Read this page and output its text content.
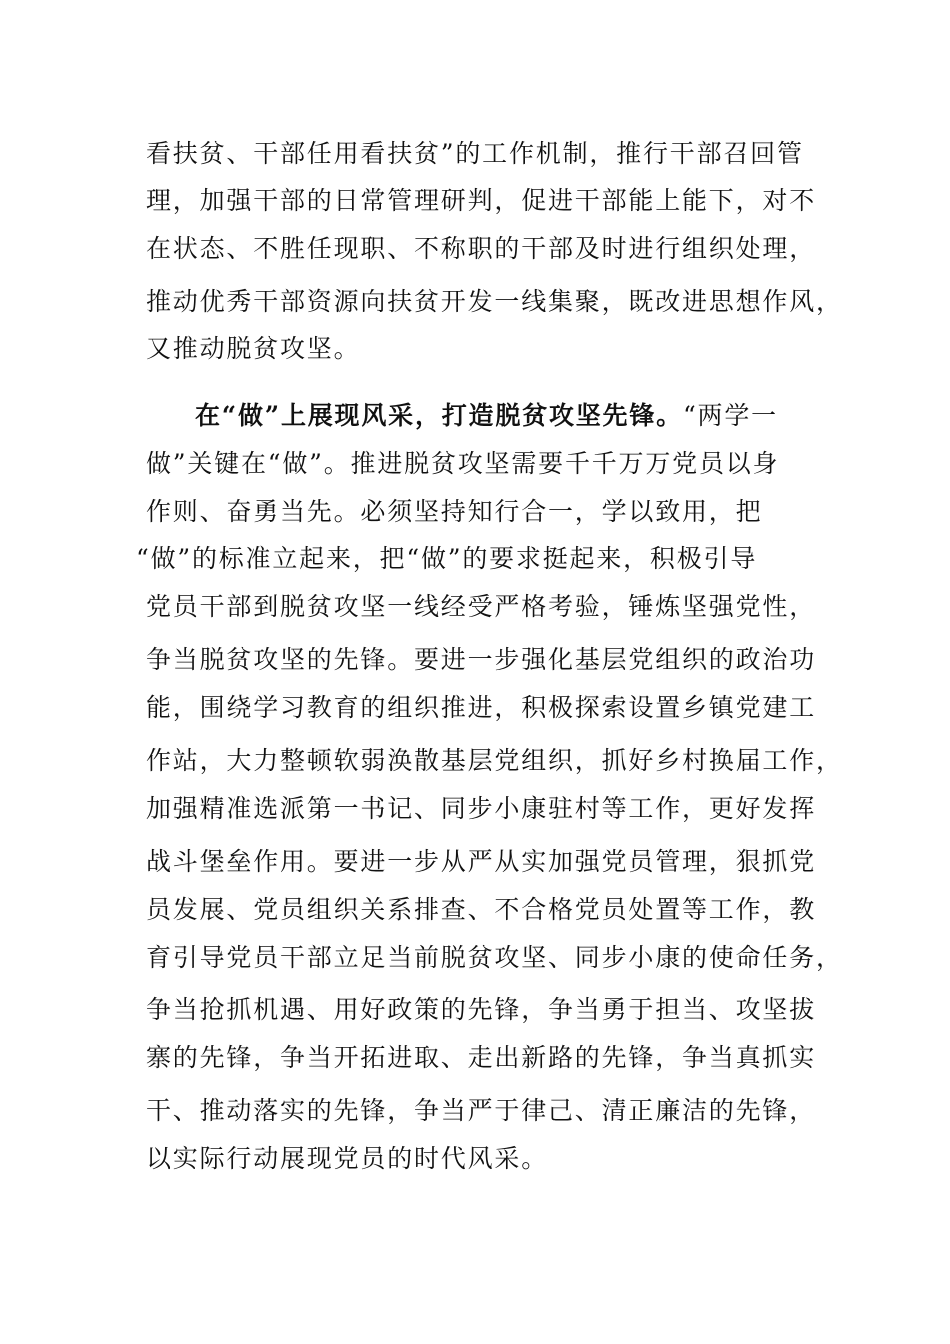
看扶贫、干部任用看扶贫”的工作机制，推行干部召回管
理，加强干部的日常管理研判，促进干部能上能下，对不
在状态、不胜任现职、不称职的干部及时进行组织处理，
推动优秀干部资源向扶贫开发一线集聚，既改进思想作风，
又推动脱贫攻坚。
在“做”上展现风采，打造脱贫攻坚先锋。“两学一
做”关键在“做”。推进脱贫攻坚需要千千万万党员以身
作则、奋勇当先。必须坚持知行合一，学以致用，把
“做”的标准立起来，把“做”的要求挺起来，积极引导
党员干部到脱贫攻坚一线经受严格考验，锤炼坚强党性，
争当脱贫攻坚的先锋。要进一步强化基层党组织的政治功
能，围绕学习教育的组织推进，积极探索设置乡镇党建工
作站，大力整顿软弱涣散基层党组织，抓好乡村换届工作，
加强精准选派第一书记、同步小康驻村等工作，更好发挥
战斗堡垒作用。要进一步从严从实加强党员管理，狠抓党
员发展、党员组织关系排查、不合格党员处置等工作，教
育引导党员干部立足当前脱贫攻坚、同步小康的使命任务，
争当抢抓机遇、用好政策的先锋，争当勇于担当、攻坚拔
寨的先锋，争当开拓进取、走出新路的先锋，争当真抓实
干、推动落实的先锋，争当严于律己、清正廉洁的先锋，
以实际行动展现党员的时代风采。
